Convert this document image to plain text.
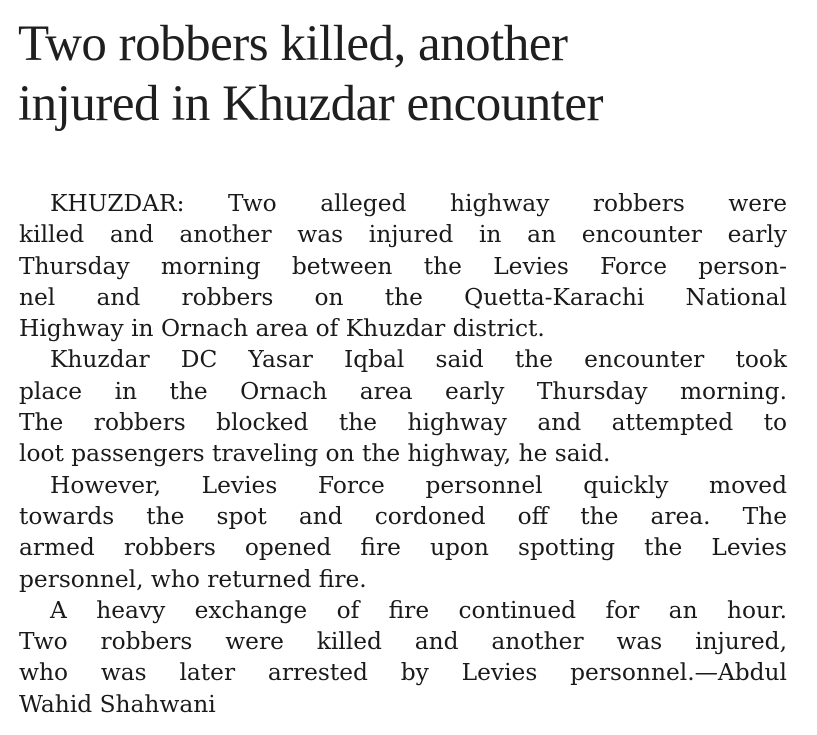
Two robbers killed, another
injured in Khuzdar encounter
KHUZDAR: Two alleged highway robbers were
killed and another was injured in an encounter early
Thursday morning between the Levies Force person-
nel and robbers on the Quetta-Karachi National
Highway in Ornach area of Khuzdar district.
Khuzdar DC Yasar Iqbal said the encounter took
place in the Ornach area early Thursday morning.
The robbers blocked the highway and attempted to
loot passengers traveling on the highway, he said.
However, Levies Force personnel quickly moved
towards the spot and cordoned off the area. The
armed robbers opened fire upon spotting the Levies
personnel, who returned fire.
A heavy exchange of fire continued for an hour.
Two robbers were killed and another was injured,
who was later arrested by Levies personnel.—Abdul
Wahid Shahwani
